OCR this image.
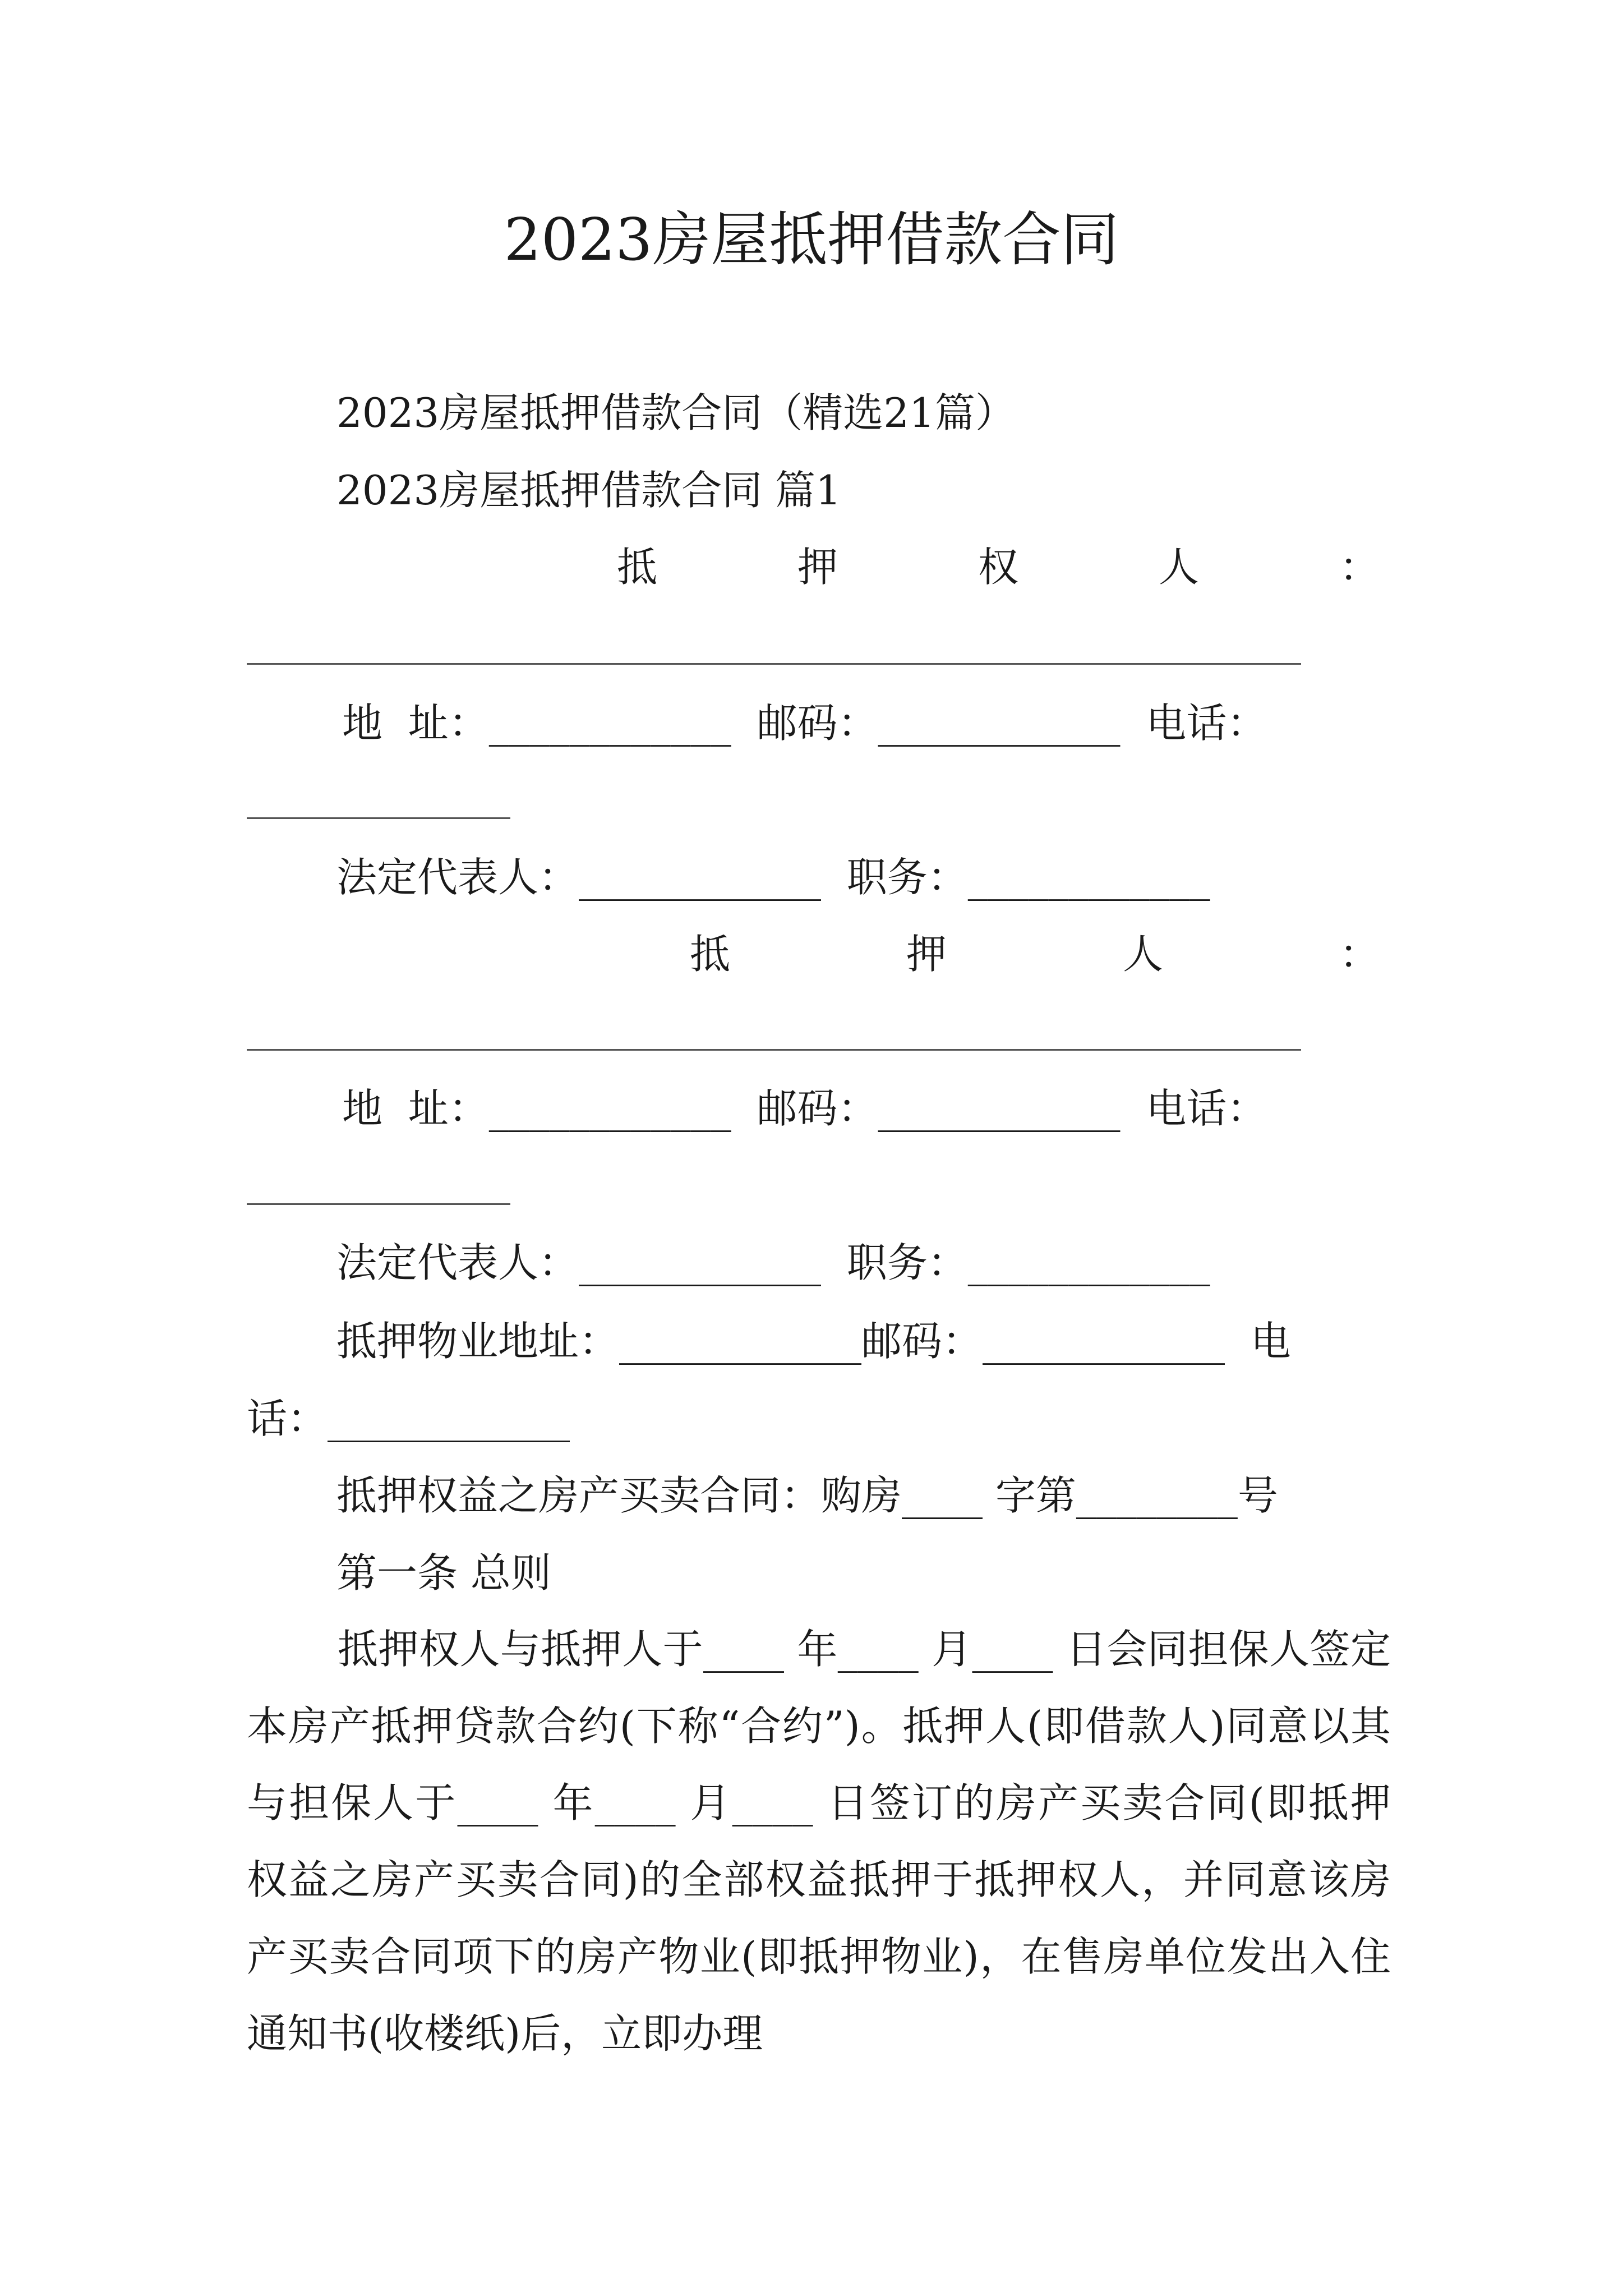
2023房屋抵押借款合同
2023房屋抵押借款合同（精选21篇）
2023房屋抵押借款合同 篇1
抵	押	权	人	：
地  址：____________  邮码：____________  电话：
法定代表人：____________  职务：____________
抵	押	人	：
地  址：____________  邮码：____________  电话：
法定代表人：____________  职务：____________
抵押物业地址：____________邮码：____________  电
话：____________
抵押权益之房产买卖合同：购房____ 字第________号
第一条 总则
抵押权人与抵押人于____ 年____ 月____ 日会同担保人签定本房产抵押贷款合约(下称“合约”)。抵押人(即借款人)同意以其与担保人于____ 年____ 月____ 日签订的房产买卖合同(即抵押权益之房产买卖合同)的全部权益抵押于抵押权人，并同意该房产买卖合同项下的房产物业(即抵押物业)，在售房单位发出入住通知书(收楼纸)后，立即办理
